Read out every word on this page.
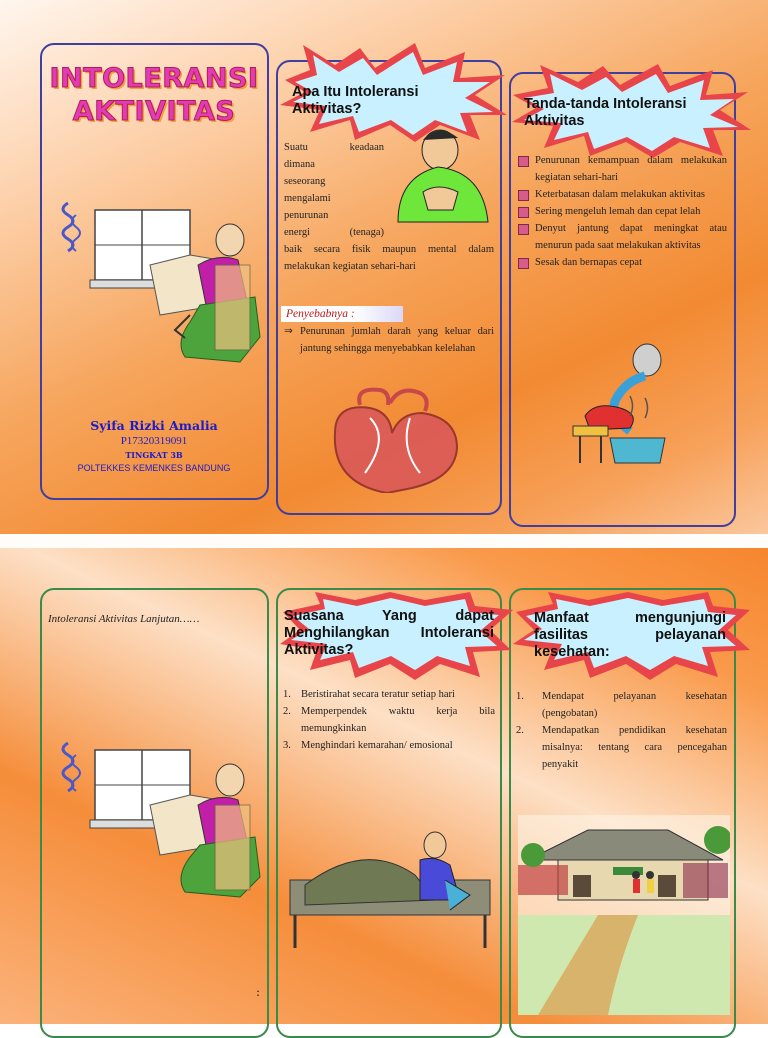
INTOLERANSI
AKTIVITAS
Syifa Rizki Amalia
P17320319091
TINGKAT 3B
POLTEKKES KEMENKES BANDUNG
Apa Itu Intoleransi Aktivitas?

Suatu keadaan

dimana

seseorang

mengalami

penurunan

energi (tenaga)

baik secara fisik maupun mental dalam melakukan kegiatan sehari-hari
Penyebabnya :
⇒ Penurunan jumlah darah yang keluar dari jantung sehingga menyebabkan kelelahan
Tanda-tanda Intoleransi Aktivitas
Penurunan kemampuan dalam melakukan kegiatan sehari-hari
Keterbatasan dalam melakukan aktivitas
Sering mengeluh lemah dan cepat lelah
Denyut jantung dapat meningkat atau menurun pada saat melakukan aktivitas
Sesak dan bernapas cepat
Intoleransi Aktivitas Lanjutan……
:
Suasana Yang dapat Menghilangkan Intoleransi Aktivitas?
1. Beristirahat secara teratur setiap hari
2. Memperpendek waktu kerja bila memungkinkan
3. Menghindari kemarahan/ emosional
Manfaat mengunjungi fasilitas pelayanan kesehatan:
1. Mendapat pelayanan kesehatan (pengobatan)
2. Mendapatkan pendidikan kesehatan misalnya: tentang cara pencegahan penyakit
